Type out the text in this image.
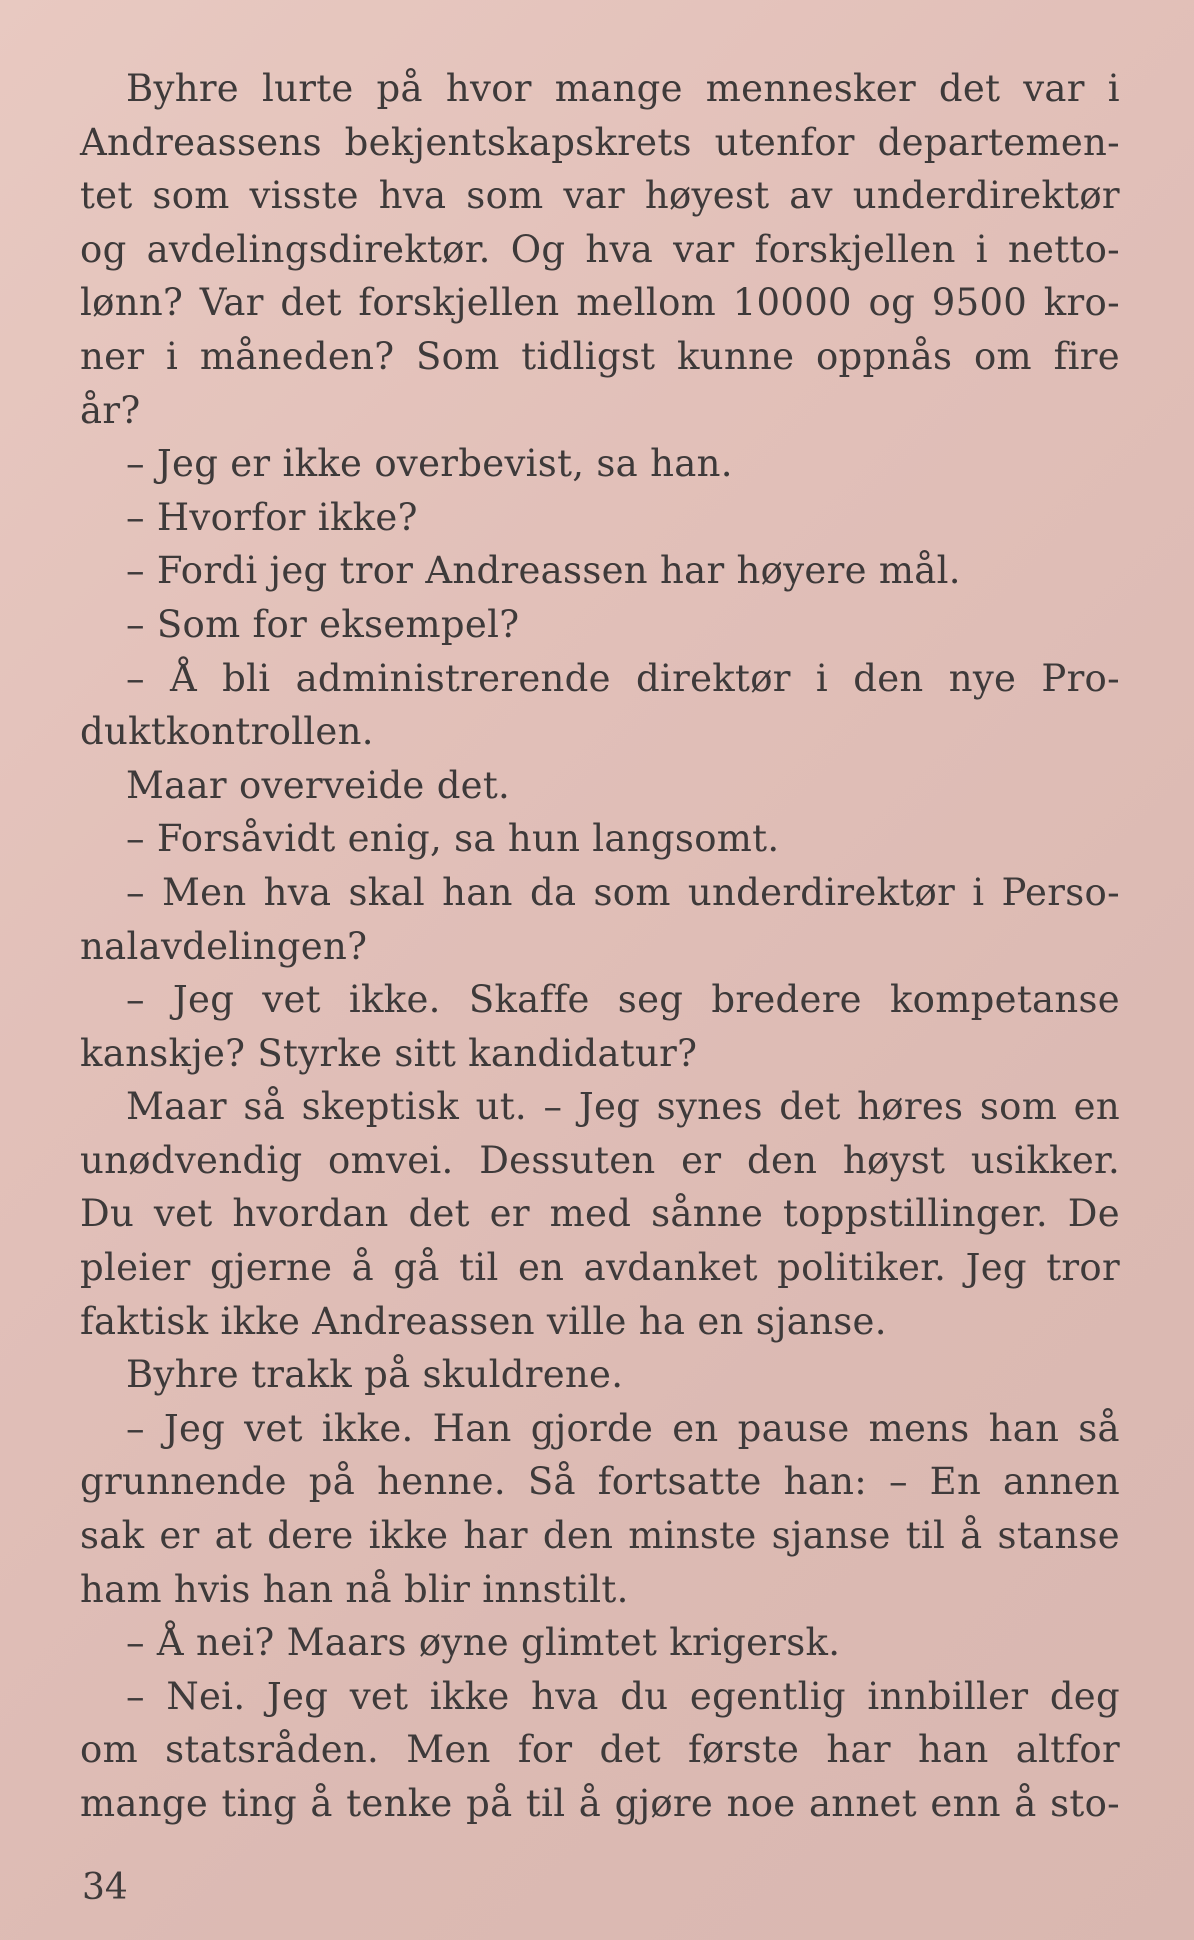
Byhre lurte på hvor mange mennesker det var i
Andreassens bekjentskapskrets utenfor departemen-
tet som visste hva som var høyest av underdirektør
og avdelingsdirektør. Og hva var forskjellen i netto-
lønn? Var det forskjellen mellom 10000 og 9500 kro-
ner i måneden? Som tidligst kunne oppnås om fire
år?
– Jeg er ikke overbevist, sa han.
– Hvorfor ikke?
– Fordi jeg tror Andreassen har høyere mål.
– Som for eksempel?
– Å bli administrerende direktør i den nye Pro-
duktkontrollen.
Maar overveide det.
– Forsåvidt enig, sa hun langsomt.
– Men hva skal han da som underdirektør i Perso-
nalavdelingen?
– Jeg vet ikke. Skaffe seg bredere kompetanse
kanskje? Styrke sitt kandidatur?
Maar så skeptisk ut. – Jeg synes det høres som en
unødvendig omvei. Dessuten er den høyst usikker.
Du vet hvordan det er med sånne toppstillinger. De
pleier gjerne å gå til en avdanket politiker. Jeg tror
faktisk ikke Andreassen ville ha en sjanse.
Byhre trakk på skuldrene.
– Jeg vet ikke. Han gjorde en pause mens han så
grunnende på henne. Så fortsatte han: – En annen
sak er at dere ikke har den minste sjanse til å stanse
ham hvis han nå blir innstilt.
– Å nei? Maars øyne glimtet krigersk.
– Nei. Jeg vet ikke hva du egentlig innbiller deg
om statsråden. Men for det første har han altfor
mange ting å tenke på til å gjøre noe annet enn å sto-
34
